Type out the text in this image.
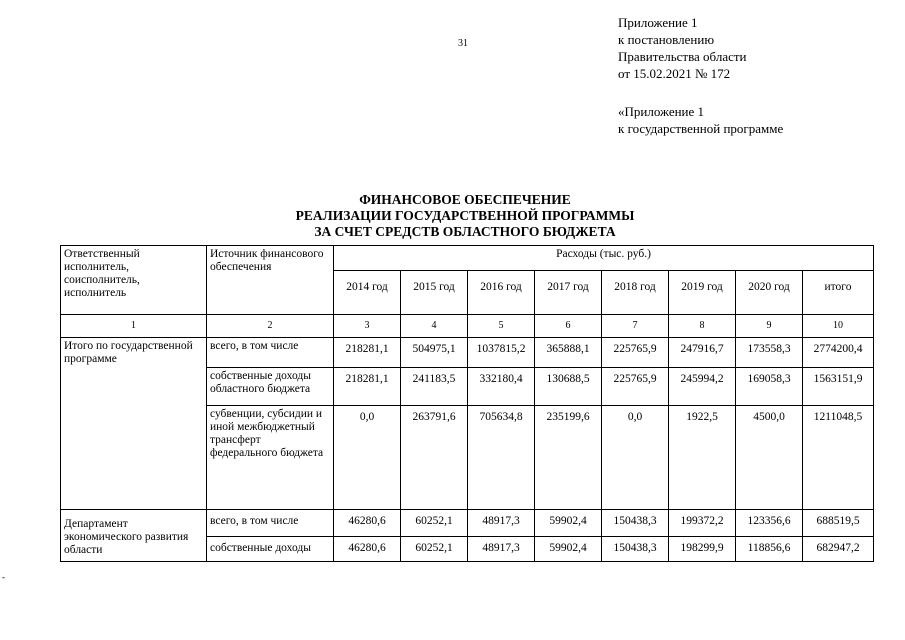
31
Приложение 1
к постановлению
Правительства области
от 15.02.2021 № 172
«Приложение 1
к государственной программе
ФИНАНСОВОЕ ОБЕСПЕЧЕНИЕ
РЕАЛИЗАЦИИ ГОСУДАРСТВЕННОЙ ПРОГРАММЫ
ЗА СЧЕТ СРЕДСТВ ОБЛАСТНОГО БЮДЖЕТА
Ответственный исполнитель, соисполнитель, исполнитель	Источник финансового обеспечения	Расходы (тыс. руб.)							
		2014 год	2015 год	2016 год	2017 год	2018 год	2019 год	2020 год	итого
1	2	3	4	5	6	7	8	9	10
Итого по государственной программе	всего, в том числе	218281,1	504975,1	1037815,2	365888,1	225765,9	247916,7	173558,3	2774200,4
	собственные доходы областного бюджета	218281,1	241183,5	332180,4	130688,5	225765,9	245994,2	169058,3	1563151,9
	субвенции, субсидии и иной межбюджетный трансферт федерального бюджета	0,0	263791,6	705634,8	235199,6	0,0	1922,5	4500,0	1211048,5
Департамент экономического развития области	всего, в том числе	46280,6	60252,1	48917,3	59902,4	150438,3	199372,2	123356,6	688519,5
	собственные доходы	46280,6	60252,1	48917,3	59902,4	150438,3	198299,9	118856,6	682947,2
-
